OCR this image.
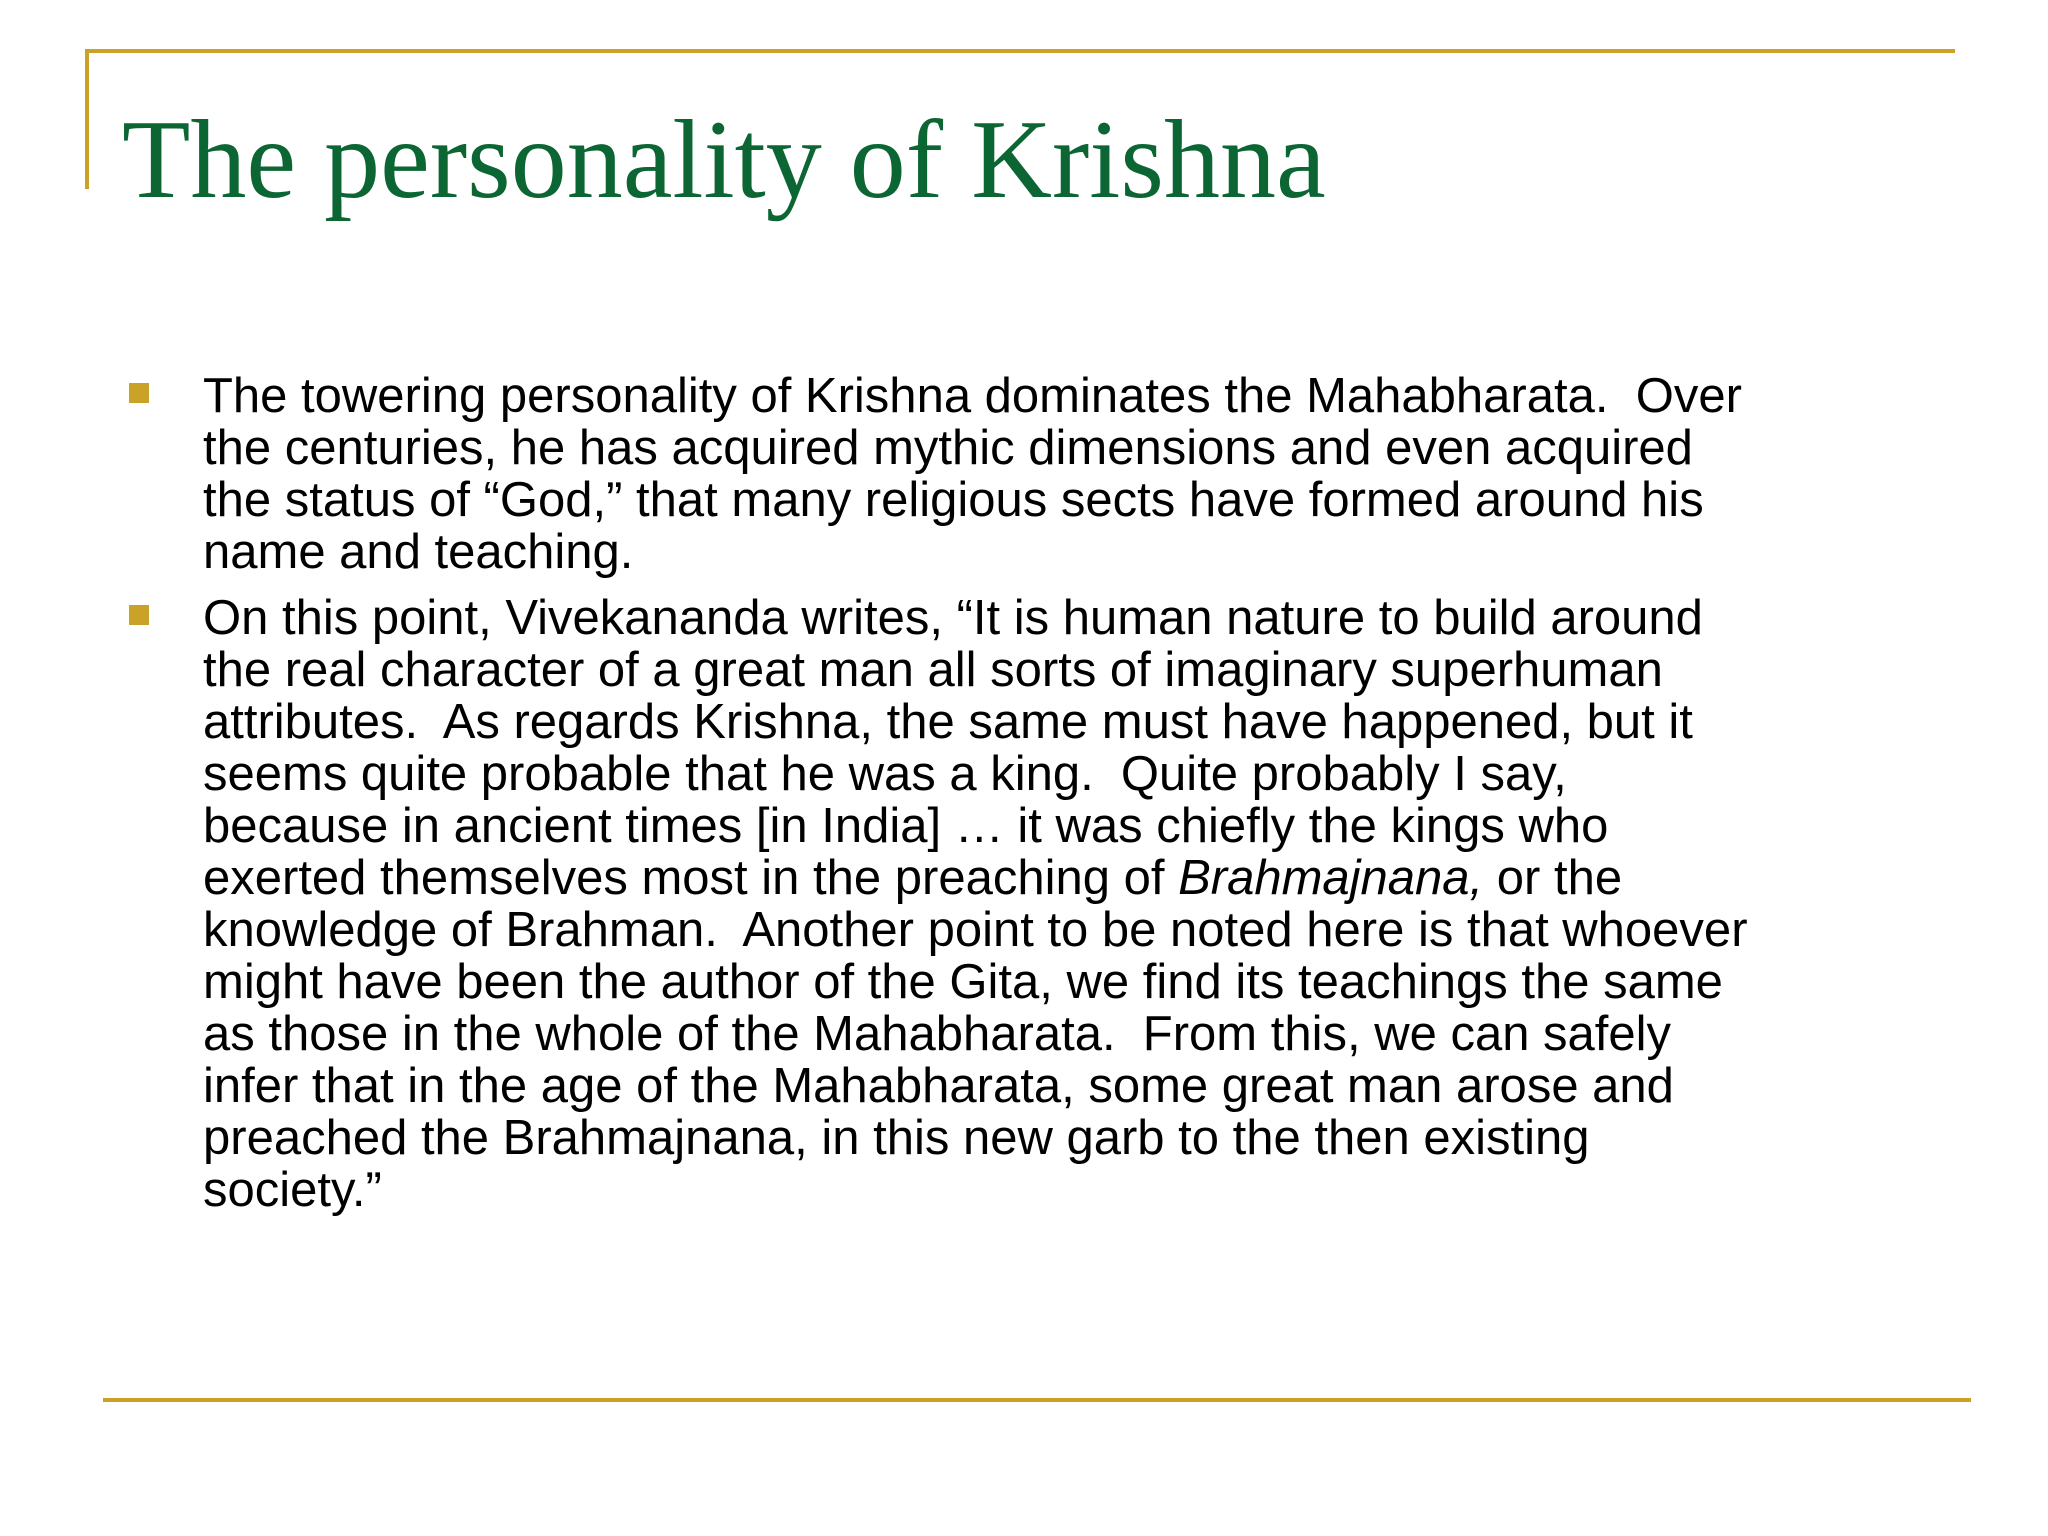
The personality of Krishna
The towering personality of Krishna dominates the Mahabharata.  Over
the centuries, he has acquired mythic dimensions and even acquired
the status of “God,” that many religious sects have formed around his
name and teaching.
On this point, Vivekananda writes, “It is human nature to build around
the real character of a great man all sorts of imaginary superhuman
attributes.  As regards Krishna, the same must have happened, but it
seems quite probable that he was a king.  Quite probably I say,
because in ancient times [in India] … it was chiefly the kings who
exerted themselves most in the preaching of Brahmajnana, or the
knowledge of Brahman.  Another point to be noted here is that whoever
might have been the author of the Gita, we find its teachings the same
as those in the whole of the Mahabharata.  From this, we can safely
infer that in the age of the Mahabharata, some great man arose and
preached the Brahmajnana, in this new garb to the then existing
society.”
